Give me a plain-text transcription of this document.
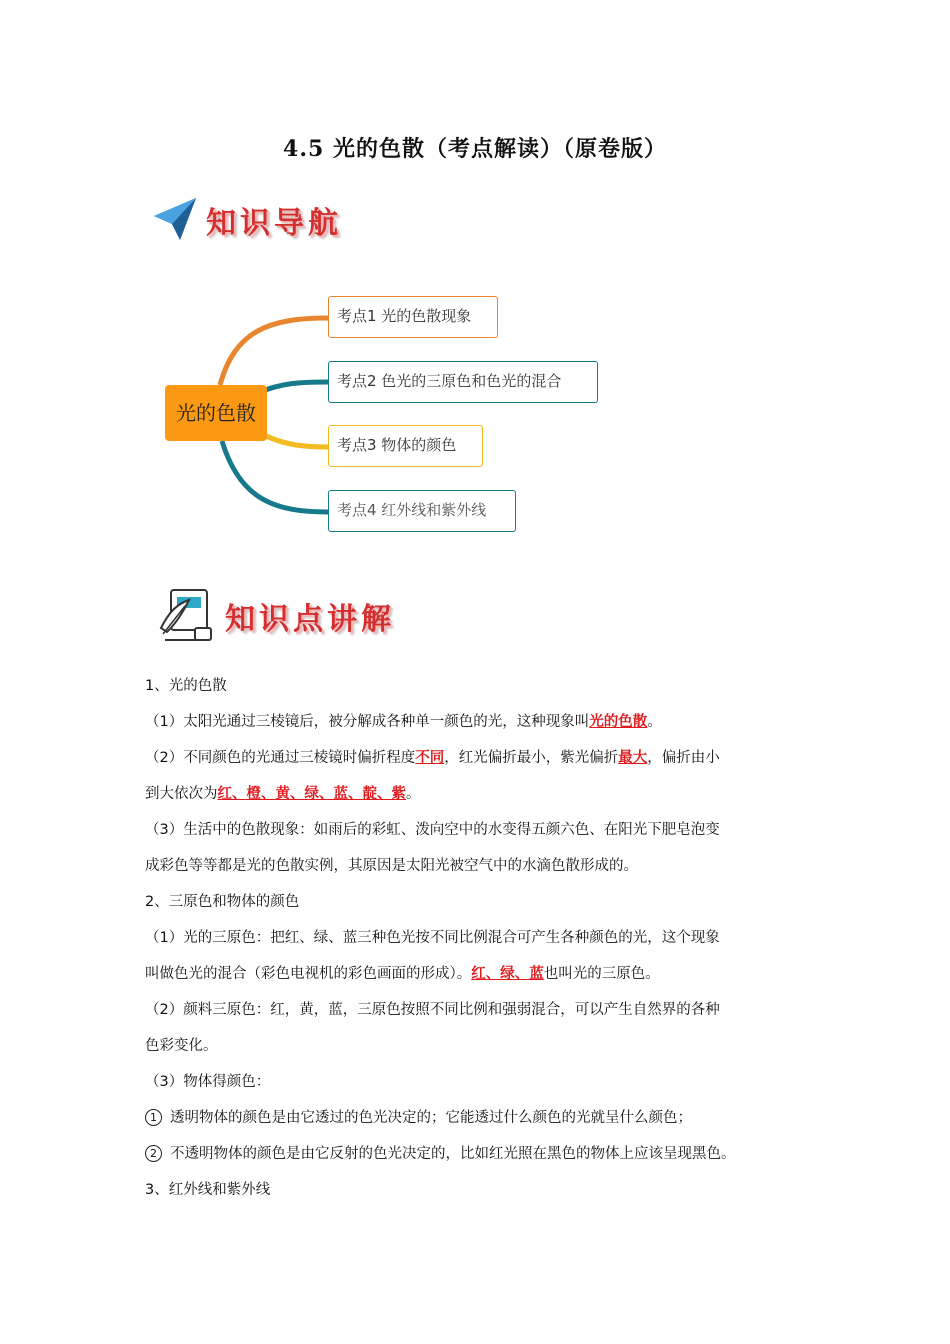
4.5 光的色散（考点解读）（原卷版）
知识导航
光的色散
考点1 光的色散现象
考点2 色光的三原色和色光的混合
考点3 物体的颜色
考点4 红外线和紫外线
知识点讲解
1、光的色散
（1）太阳光通过三棱镜后，被分解成各种单一颜色的光，这种现象叫光的色散。
（2）不同颜色的光通过三棱镜时偏折程度不同，红光偏折最小，紫光偏折最大，偏折由小
到大依次为红、橙、黄、绿、蓝、靛、紫。
（3）生活中的色散现象：如雨后的彩虹、泼向空中的水变得五颜六色、在阳光下肥皂泡变
成彩色等等都是光的色散实例，其原因是太阳光被空气中的水滴色散形成的。
2、三原色和物体的颜色
（1）光的三原色：把红、绿、蓝三种色光按不同比例混合可产生各种颜色的光，这个现象
叫做色光的混合（彩色电视机的彩色画面的形成）。红、绿、蓝也叫光的三原色。
（2）颜料三原色：红，黄，蓝，三原色按照不同比例和强弱混合，可以产生自然界的各种
色彩变化。
（3）物体得颜色：
1 透明物体的颜色是由它透过的色光决定的；它能透过什么颜色的光就呈什么颜色；
2 不透明物体的颜色是由它反射的色光决定的，比如红光照在黑色的物体上应该呈现黑色。
3、红外线和紫外线
